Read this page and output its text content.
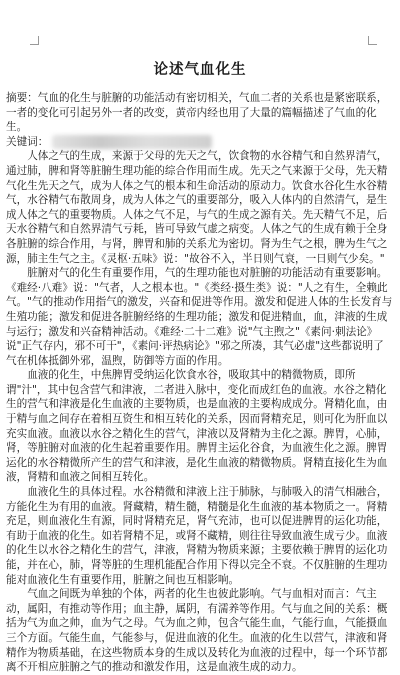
论述气血化生

摘要：气血的化生与脏腑的功能活动有密切相关，气血二者的关系也是紧密联系，一者的变化可引起另外一者的改变，黄帝内经也用了大量的篇幅描述了气血的化生。

关键词：

人体之气的生成，来源于父母的先天之气，饮食物的水谷精气和自然界清气，通过肺，脾和肾等脏腑生理功能的综合作用而生成。先天之气来源于父母，先天精气化生先天之气，成为人体之气的根本和生命活动的原动力。饮食水谷化生水谷精气，水谷精气布散周身，成为人体之气的重要部分，吸入人体内的自然清气，是生成人体之气的重要物质。人体之气不足，与气的生成之源有关。先天精气不足，后天水谷精气和自然界清气亏耗，皆可导致气虚之病变。人体之气的生成有赖于全身各脏腑的综合作用，与肾，脾胃和肺的关系尤为密切。肾为生气之根，脾为生气之源，肺主生气之主。《灵枢·五味》说："故谷不入，半日则气衰，一日则气少矣。"

脏腑对气的化生有重要作用，气的生理功能也对脏腑的功能活动有重要影响。《难经·八难》说："气者，人之根本也。"《类经·摄生类》说："人之有生，全赖此气。"气的推动作用指气的激发，兴奋和促进等作用。激发和促进人体的生长发育与生殖功能；激发和促进各脏腑经络的生理功能；激发和促进精血，血，津液的生成与运行；激发和兴奋精神活动。《难经·二十二难》说"气主煦之"《素问·刺法论》说"正气存内，邪不可干"，《素问·评热病论》"邪之所凑，其气必虚"这些都说明了气在机体抵御外邪，温煦，防御等方面的作用。

血液的化生，中焦脾胃受纳运化饮食水谷，吸取其中的精微物质，即所谓"汁"，其中包含营气和津液，二者进入脉中，变化而成红色的血液。水谷之精化生的营气和津液是化生血液的主要物质，也是血液的主要构成成分。肾精化血，由于精与血之间存在着相互资生和相互转化的关系，因而肾精充足，则可化为肝血以充实血液。血液以水谷之精化生的营气，津液以及肾精为主化之源。脾胃，心肺，肾，等脏腑对血液的化生起着重要作用。脾胃主运化谷食，为血液生化之源。脾胃运化的水谷精微所产生的营气和津液，是化生血液的精微物质。肾精直接化生为血液，肾精和血液之间相互转化。

血液化生的具体过程。水谷精微和津液上注于肺脉，与肺吸入的清气相融合，方能化生为有用的血液。肾藏精，精生髓，精髓是化生血液的基本物质之一。肾精充足，则血液化生有源，同时肾精充足，肾气充沛，也可以促进脾胃的运化功能，有助于血液的化生。如若肾精不足，或肾不藏精，则往往导致血液生成亏少。血液的化生以水谷之精化生的营气，津液，肾精为物质来源；主要依赖于脾胃的运化功能，并在心，肺，肾等脏的生理机能配合作用下得以完全不衰。不仅脏腑的生理功能对血液化生有重要作用，脏腑之间也互相影响。

气血之间既为单独的个体，两者的化生也彼此影响。气与血相对而言：气主动，属阳，有推动等作用；血主静，属阴，有濡养等作用。气与血之间的关系：概括为气为血之帅，血为气之母。气为血之帅，包含气能生血，气能行血，气能摄血三个方面。气能生血，气能参与，促进血液的化生。血液的化生以营气，津液和肾精作为物质基础，在这些物质本身的生成以及转化为血液的过程中，每一个环节都离不开相应脏腑之气的推动和激发作用，这是血液生成的动力。
